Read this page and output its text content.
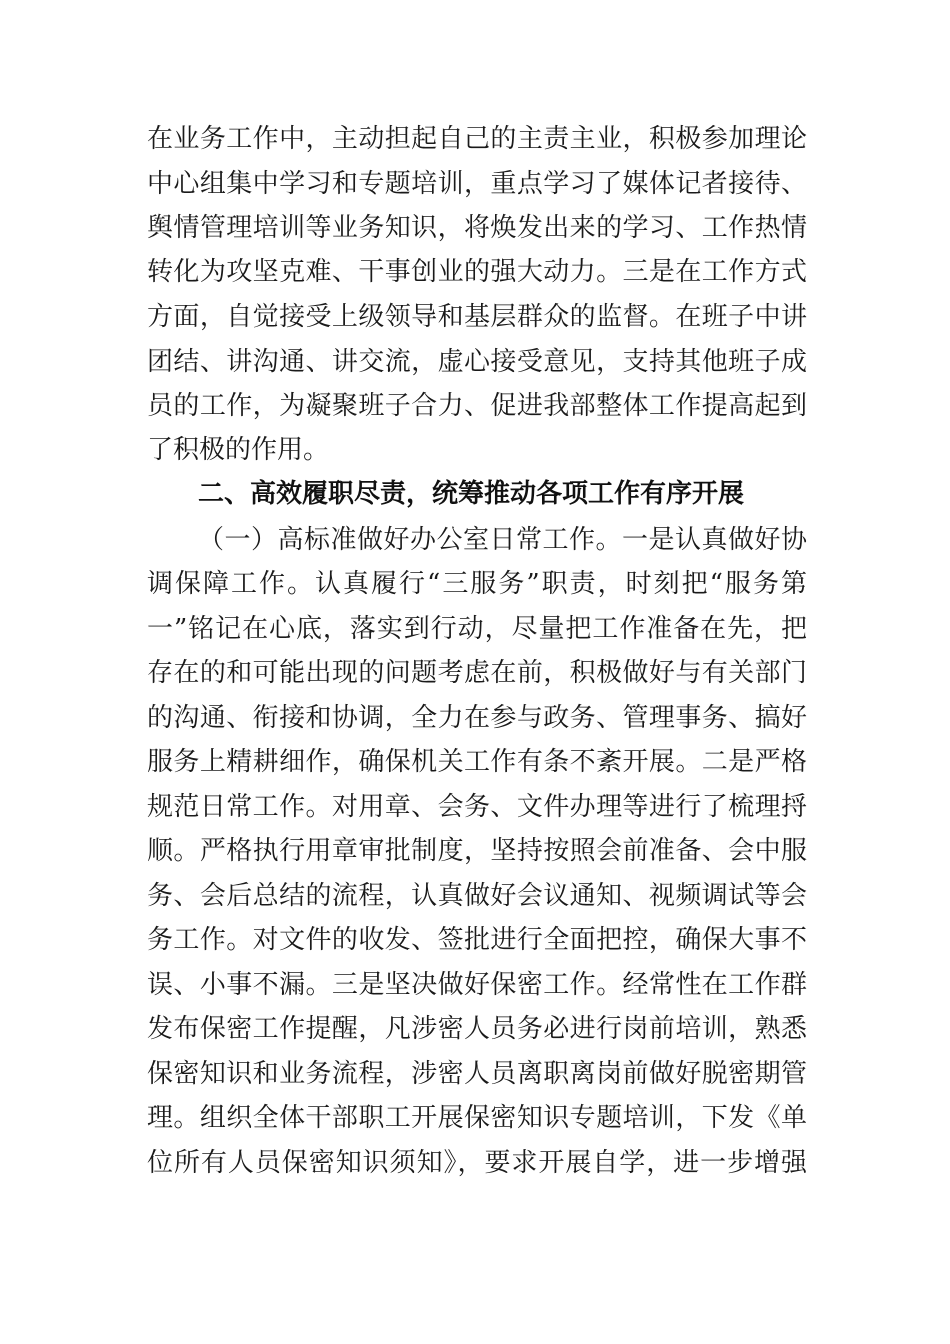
在业务工作中，主动担起自己的主责主业，积极参加理论
中心组集中学习和专题培训，重点学习了媒体记者接待、
舆情管理培训等业务知识，将焕发出来的学习、工作热情
转化为攻坚克难、干事创业的强大动力。三是在工作方式
方面，自觉接受上级领导和基层群众的监督。在班子中讲
团结、讲沟通、讲交流，虚心接受意见，支持其他班子成
员的工作，为凝聚班子合力、促进我部整体工作提高起到
了积极的作用。
二、高效履职尽责，统筹推动各项工作有序开展
（一）高标准做好办公室日常工作。一是认真做好协
调保障工作。认真履行“三服务”职责，时刻把“服务第
一”铭记在心底，落实到行动，尽量把工作准备在先，把
存在的和可能出现的问题考虑在前，积极做好与有关部门
的沟通、衔接和协调，全力在参与政务、管理事务、搞好
服务上精耕细作，确保机关工作有条不紊开展。二是严格
规范日常工作。对用章、会务、文件办理等进行了梳理捋
顺。严格执行用章审批制度，坚持按照会前准备、会中服
务、会后总结的流程，认真做好会议通知、视频调试等会
务工作。对文件的收发、签批进行全面把控，确保大事不
误、小事不漏。三是坚决做好保密工作。经常性在工作群
发布保密工作提醒，凡涉密人员务必进行岗前培训，熟悉
保密知识和业务流程，涉密人员离职离岗前做好脱密期管
理。组织全体干部职工开展保密知识专题培训，下发《单
位所有人员保密知识须知》，要求开展自学，进一步增强
